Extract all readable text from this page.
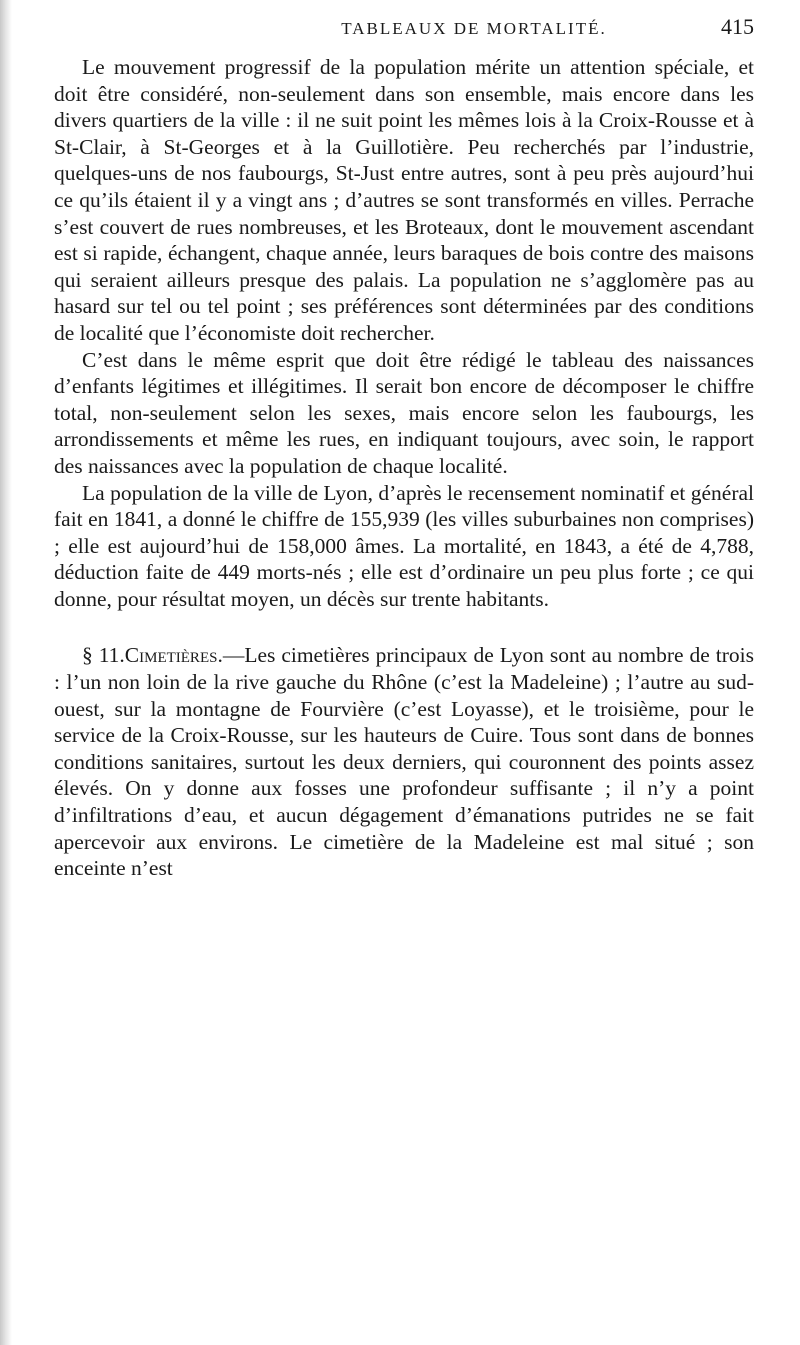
TABLEAUX DE MORTALITÉ.	415

Le mouvement progressif de la population mérite un attention spéciale, et doit être considéré, non-seulement dans son ensemble, mais encore dans les divers quartiers de la ville : il ne suit point les mêmes lois à la Croix-Rousse et à St-Clair, à St-Georges et à la Guillotière. Peu recherchés par l’industrie, quelques-uns de nos faubourgs, St-Just entre autres, sont à peu près aujourd’hui ce qu’ils étaient il y a vingt ans ; d’autres se sont transformés en villes. Perrache s’est couvert de rues nombreuses, et les Broteaux, dont le mouvement ascendant est si rapide, échangent, chaque année, leurs baraques de bois contre des maisons qui seraient ailleurs presque des palais. La population ne s’agglomère pas au hasard sur tel ou tel point ; ses préférences sont déterminées par des conditions de localité que l’économiste doit rechercher.

C’est dans le même esprit que doit être rédigé le tableau des naissances d’enfants légitimes et illégitimes. Il serait bon encore de décomposer le chiffre total, non-seulement selon les sexes, mais encore selon les faubourgs, les arrondissements et même les rues, en indiquant toujours, avec soin, le rapport des naissances avec la population de chaque localité.

La population de la ville de Lyon, d’après le recensement nominatif et général fait en 1841, a donné le chiffre de 155,939 (les villes suburbaines non comprises) ; elle est aujourd’hui de 158,000 âmes. La mortalité, en 1843, a été de 4,788, déduction faite de 449 morts-nés ; elle est d’ordinaire un peu plus forte ; ce qui donne, pour résultat moyen, un décès sur trente habitants.

§ 11.Cimetières.—Les cimetières principaux de Lyon sont au nombre de trois : l’un non loin de la rive gauche du Rhône (c’est la Madeleine) ; l’autre au sud-ouest, sur la montagne de Fourvière (c’est Loyasse), et le troisième, pour le service de la Croix-Rousse, sur les hauteurs de Cuire. Tous sont dans de bonnes conditions sanitaires, surtout les deux derniers, qui couronnent des points assez élevés. On y donne aux fosses une profondeur suffisante ; il n’y a point d’infiltrations d’eau, et aucun dégagement d’émanations putrides ne se fait apercevoir aux environs. Le cimetière de la Madeleine est mal situé ; son enceinte n’est
